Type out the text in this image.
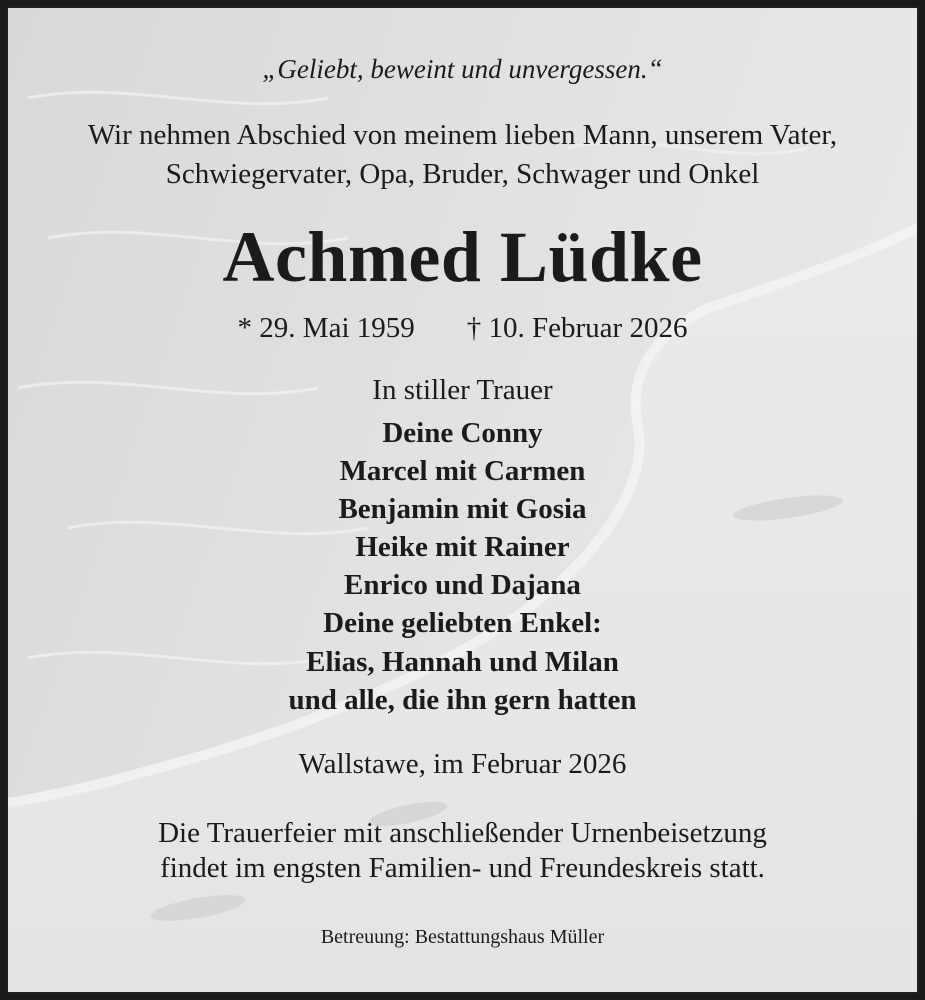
„Geliebt, beweint und unvergessen.“
Wir nehmen Abschied von meinem lieben Mann, unserem Vater,
Schwiegervater, Opa, Bruder, Schwager und Onkel
Achmed Lüdke
* 29. Mai 1959 † 10. Februar 2026
In stiller Trauer
Deine Conny
Marcel mit Carmen
Benjamin mit Gosia
Heike mit Rainer
Enrico und Dajana
Deine geliebten Enkel:
Elias, Hannah und Milan
und alle, die ihn gern hatten
Wallstawe, im Februar 2026
Die Trauerfeier mit anschließender Urnenbeisetzung
findet im engsten Familien- und Freundeskreis statt.
Betreuung: Bestattungshaus Müller
